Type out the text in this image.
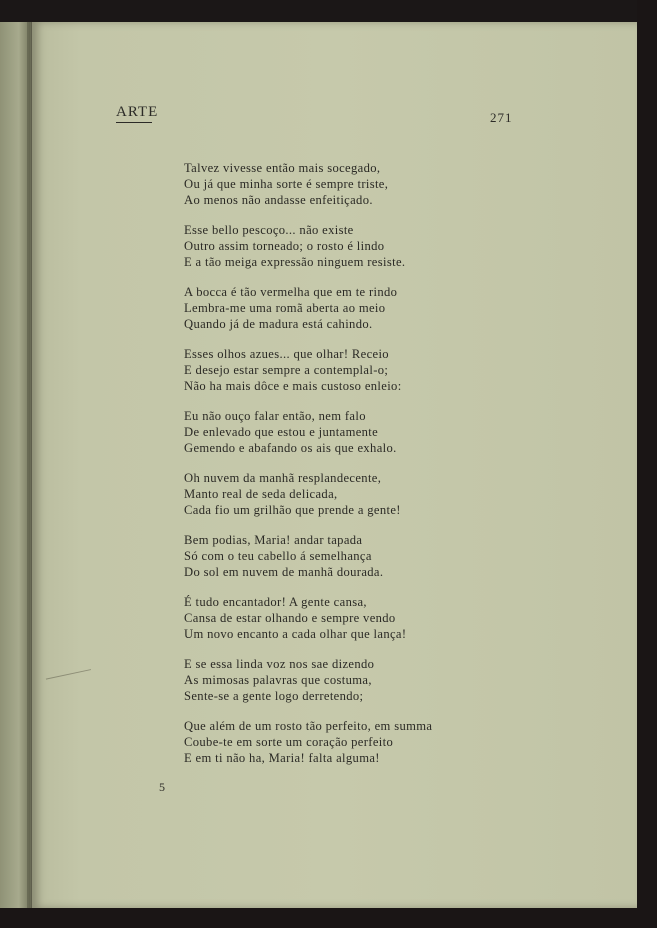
ARTE	271
Talvez vivesse então mais socegado,
Ou já que minha sorte é sempre triste,
Ao menos não andasse enfeitiçado.
Esse bello pescoço... não existe
Outro assim torneado; o rosto é lindo
E a tão meiga expressão ninguem resiste.
A bocca é tão vermelha que em te rindo
Lembra-me uma romã aberta ao meio
Quando já de madura está cahindo.
Esses olhos azues... que olhar! Receio
E desejo estar sempre a contemplal-o;
Não ha mais dôce e mais custoso enleio:
Eu não ouço falar então, nem falo
De enlevado que estou e juntamente
Gemendo e abafando os ais que exhalo.
Oh nuvem da manhã resplandecente,
Manto real de seda delicada,
Cada fio um grilhão que prende a gente!
Bem podias, Maria! andar tapada
Só com o teu cabello á semelhança
Do sol em nuvem de manhã dourada.
É tudo encantador! A gente cansa,
Cansa de estar olhando e sempre vendo
Um novo encanto a cada olhar que lança!
E se essa linda voz nos sae dizendo
As mimosas palavras que costuma,
Sente-se a gente logo derretendo;
Que além de um rosto tão perfeito, em summa
Coube-te em sorte um coração perfeito
E em ti não ha, Maria! falta alguma!
5
